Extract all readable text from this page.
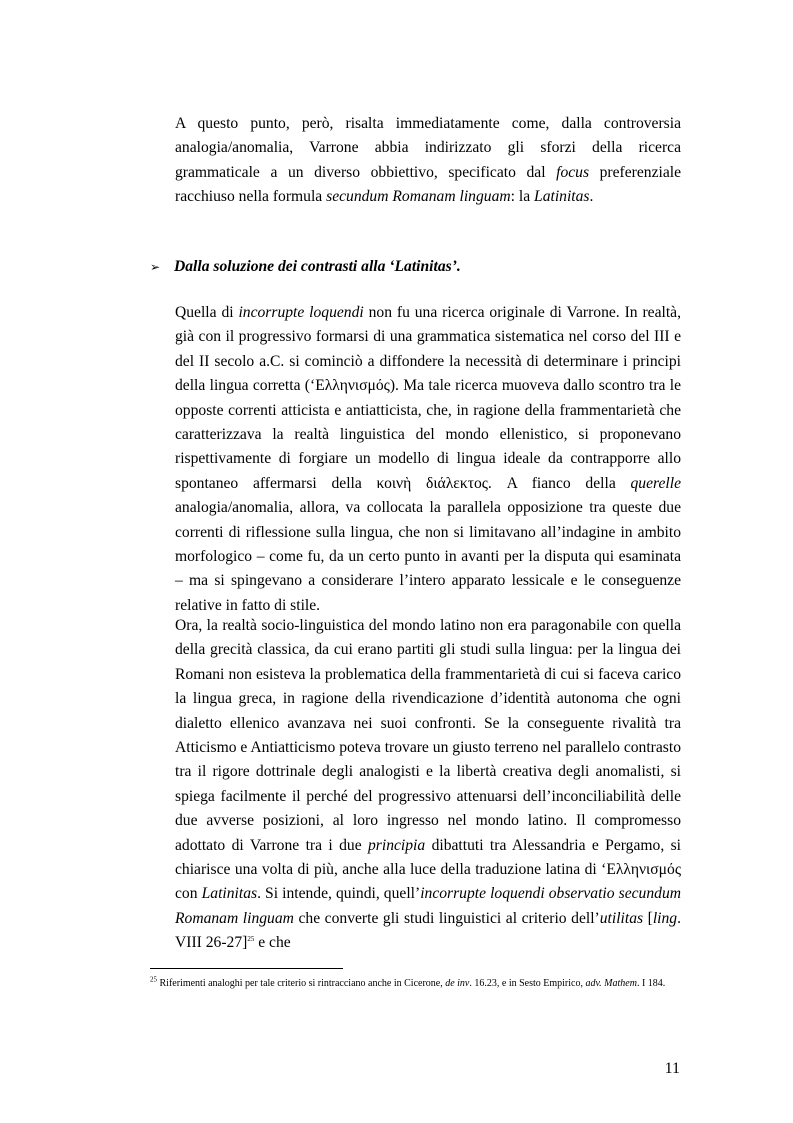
A questo punto, però, risalta immediatamente come, dalla controversia analogia/anomalia, Varrone abbia indirizzato gli sforzi della ricerca grammaticale a un diverso obbiettivo, specificato dal focus preferenziale racchiuso nella formula secundum Romanam linguam: la Latinitas.

➢ Dalla soluzione dei contrasti alla ‘Latinitas’.

Quella di incorrupte loquendi non fu una ricerca originale di Varrone. In realtà, già con il progressivo formarsi di una grammatica sistematica nel corso del III e del II secolo a.C. si cominciò a diffondere la necessità di determinare i principi della lingua corretta (‘Ελληνισμός). Ma tale ricerca muoveva dallo scontro tra le opposte correnti atticista e antiatticista, che, in ragione della frammentarietà che caratterizzava la realtà linguistica del mondo ellenistico, si proponevano rispettivamente di forgiare un modello di lingua ideale da contrapporre allo spontaneo affermarsi della κοινὴ διάλεκτος. A fianco della querelle analogia/anomalia, allora, va collocata la parallela opposizione tra queste due correnti di riflessione sulla lingua, che non si limitavano all’indagine in ambito morfologico – come fu, da un certo punto in avanti per la disputa qui esaminata – ma si spingevano a considerare l’intero apparato lessicale e le conseguenze relative in fatto di stile.

Ora, la realtà socio-linguistica del mondo latino non era paragonabile con quella della grecità classica, da cui erano partiti gli studi sulla lingua: per la lingua dei Romani non esisteva la problematica della frammentarietà di cui si faceva carico la lingua greca, in ragione della rivendicazione d’identità autonoma che ogni dialetto ellenico avanzava nei suoi confronti. Se la conseguente rivalità tra Atticismo e Antiatticismo poteva trovare un giusto terreno nel parallelo contrasto tra il rigore dottrinale degli analogisti e la libertà creativa degli anomalisti, si spiega facilmente il perché del progressivo attenuarsi dell’inconciliabilità delle due avverse posizioni, al loro ingresso nel mondo latino. Il compromesso adottato di Varrone tra i due principia dibattuti tra Alessandria e Pergamo, si chiarisce una volta di più, anche alla luce della traduzione latina di ‘Ελληνισμός con Latinitas. Si intende, quindi, quell’incorrupte loquendi observatio secundum Romanam linguam che converte gli studi linguistici al criterio dell’utilitas [ling. VIII 26-27]$^{25}$ e che

$^{25}$ Riferimenti analoghi per tale criterio si rintracciano anche in Cicerone, de inv. 16.23, e in Sesto Empirico, adv. Mathem. I 184.

11
